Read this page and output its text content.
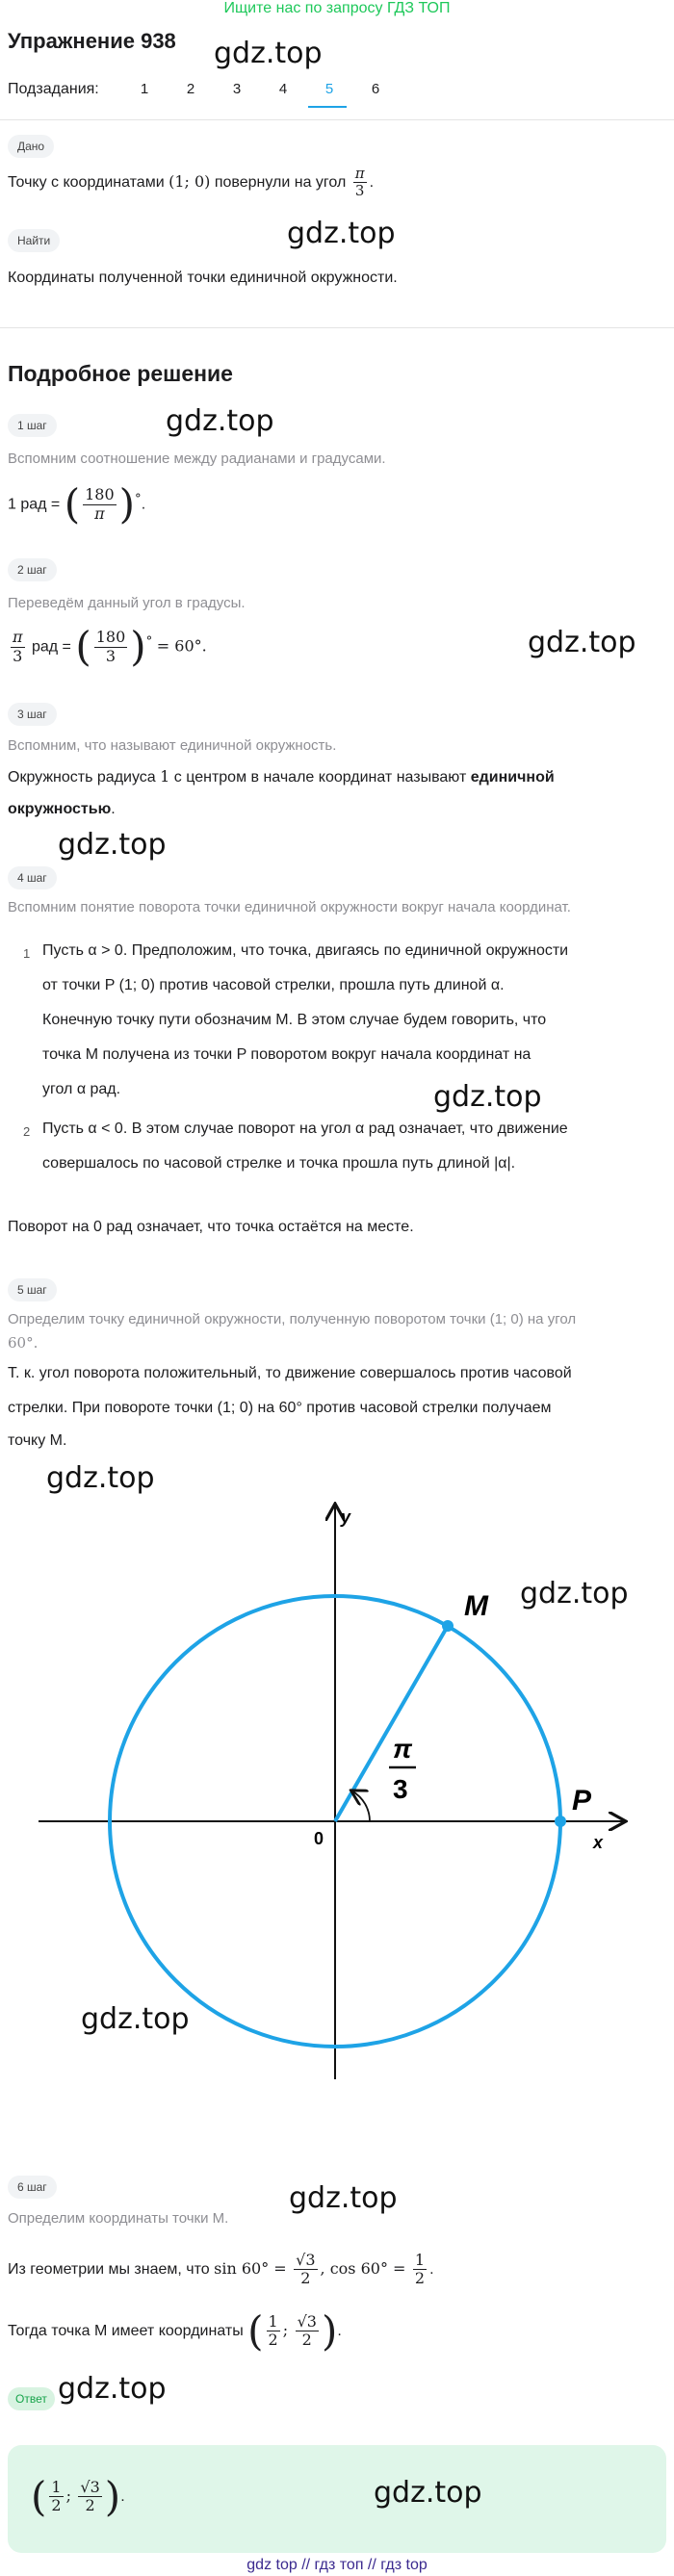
Ищите нас по запросу ГДЗ ТОП
Упражнение 938 gdz.top
Подзадания:	1	2	3	4	5	6
Дано
Точку с координатами (1; 0) повернули на угол $\frac{\pi}{3}$ .
Найти	gdz.top
Координаты полученной точки единичной окружности.
Подробное решение
1 шаг	gdz.top
Вспомним соотношение между радианами и градусами.
1 рад = ( $\frac{180}{\pi} )^\circ$.
2 шаг
Переведём данный угол в градусы.
$\frac{\pi}{3}$ рад = ( $\frac{180}{3} )^\circ = 60^\circ$.	gdz.top
3 шаг
Вспомним, что называют единичной окружность.
Окружность радиуса 1 с центром в начале координат называют единичной
окружностью.
gdz.top
4 шаг
Вспомним понятие поворота точки единичной окружности вокруг начала координат.
1 Пусть α > 0. Предположим, что точка, двигаясь по единичной окружности
от точки P (1; 0) против часовой стрелки, прошла путь длиной α.
Конечную точку пути обозначим M. В этом случае будем говорить, что
точка M получена из точки P поворотом вокруг начала координат на
угол α рад.	gdz.top
2 Пусть α < 0. В этом случае поворот на угол α рад означает, что движение
совершалось по часовой стрелке и точка прошла путь длиной |α|.
Поворот на 0 рад означает, что точка остаётся на месте.
5 шаг
Определим точку единичной окружности, полученную поворотом точки (1; 0) на угол
60°.
Т. к. угол поворота положительный, то движение совершалось против часовой
стрелки. При повороте точки (1; 0) на 60° против часовой стрелки получаем
точку M.
gdz.top
y
x
0
M
P
π
3
gdz.top
gdz.top
6 шаг	gdz.top
Определим координаты точки M.
Из геометрии мы знаем, что $\sin 60^\circ = \frac{√3}{2}$ , $\cos 60^\circ = \frac{1}{2}$ .
Тогда точка M имеет координаты ( $\frac{1}{2}$ ; $\frac{√3}{2}$ ).
Ответ gdz.top
( $\frac{1}{2}$ ; $\frac{√3}{2}$ ).	gdz.top
gdz top // гдз топ // гдз top
